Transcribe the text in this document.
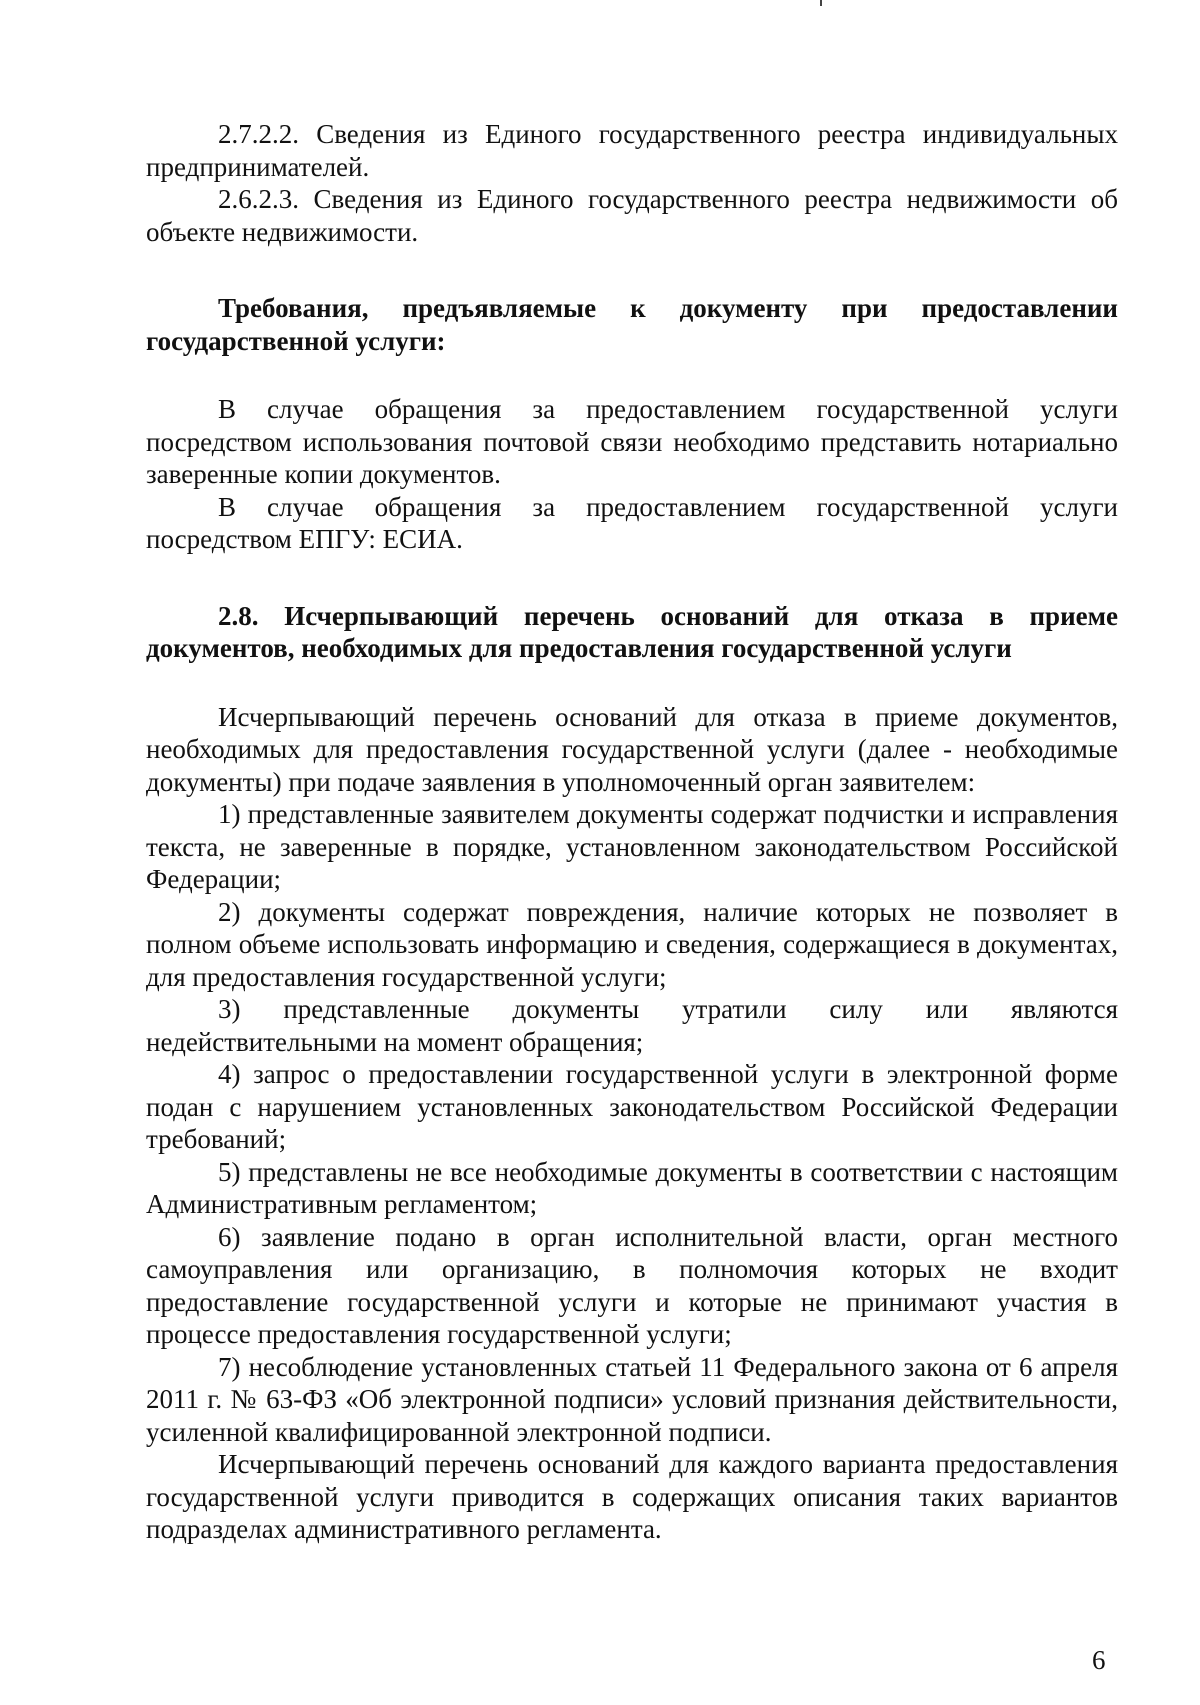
2.7.2.2. Сведения из Единого государственного реестра индивидуальных предпринимателей.

2.6.2.3. Сведения из Единого государственного реестра недвижимости об объекте недвижимости.

Требования, предъявляемые к документу при предоставлении государственной услуги:

В случае обращения за предоставлением государственной услуги посредством использования почтовой связи необходимо представить нотариально заверенные копии документов.

В случае обращения за предоставлением государственной услуги посредством ЕПГУ: ЕСИА.

2.8. Исчерпывающий перечень оснований для отказа в приеме документов, необходимых для предоставления государственной услуги

Исчерпывающий перечень оснований для отказа в приеме документов, необходимых для предоставления государственной услуги (далее - необходимые документы) при подаче заявления в уполномоченный орган заявителем:

1) представленные заявителем документы содержат подчистки и исправления текста, не заверенные в порядке, установленном законодательством Российской Федерации;

2) документы содержат повреждения, наличие которых не позволяет в полном объеме использовать информацию и сведения, содержащиеся в документах, для предоставления государственной услуги;

3) представленные документы утратили силу или являются недействительными на момент обращения;

4) запрос о предоставлении государственной услуги в электронной форме подан с нарушением установленных законодательством Российской Федерации требований;

5) представлены не все необходимые документы в соответствии с настоящим Административным регламентом;

6) заявление подано в орган исполнительной власти, орган местного самоуправления или организацию, в полномочия которых не входит предоставление государственной услуги и которые не принимают участия в процессе предоставления государственной услуги;

7) несоблюдение установленных статьей 11 Федерального закона от 6 апреля 2011 г. № 63-ФЗ «Об электронной подписи» условий признания действительности, усиленной квалифицированной электронной подписи.

Исчерпывающий перечень оснований для каждого варианта предоставления государственной услуги приводится в содержащих описания таких вариантов подразделах административного регламента.

6
